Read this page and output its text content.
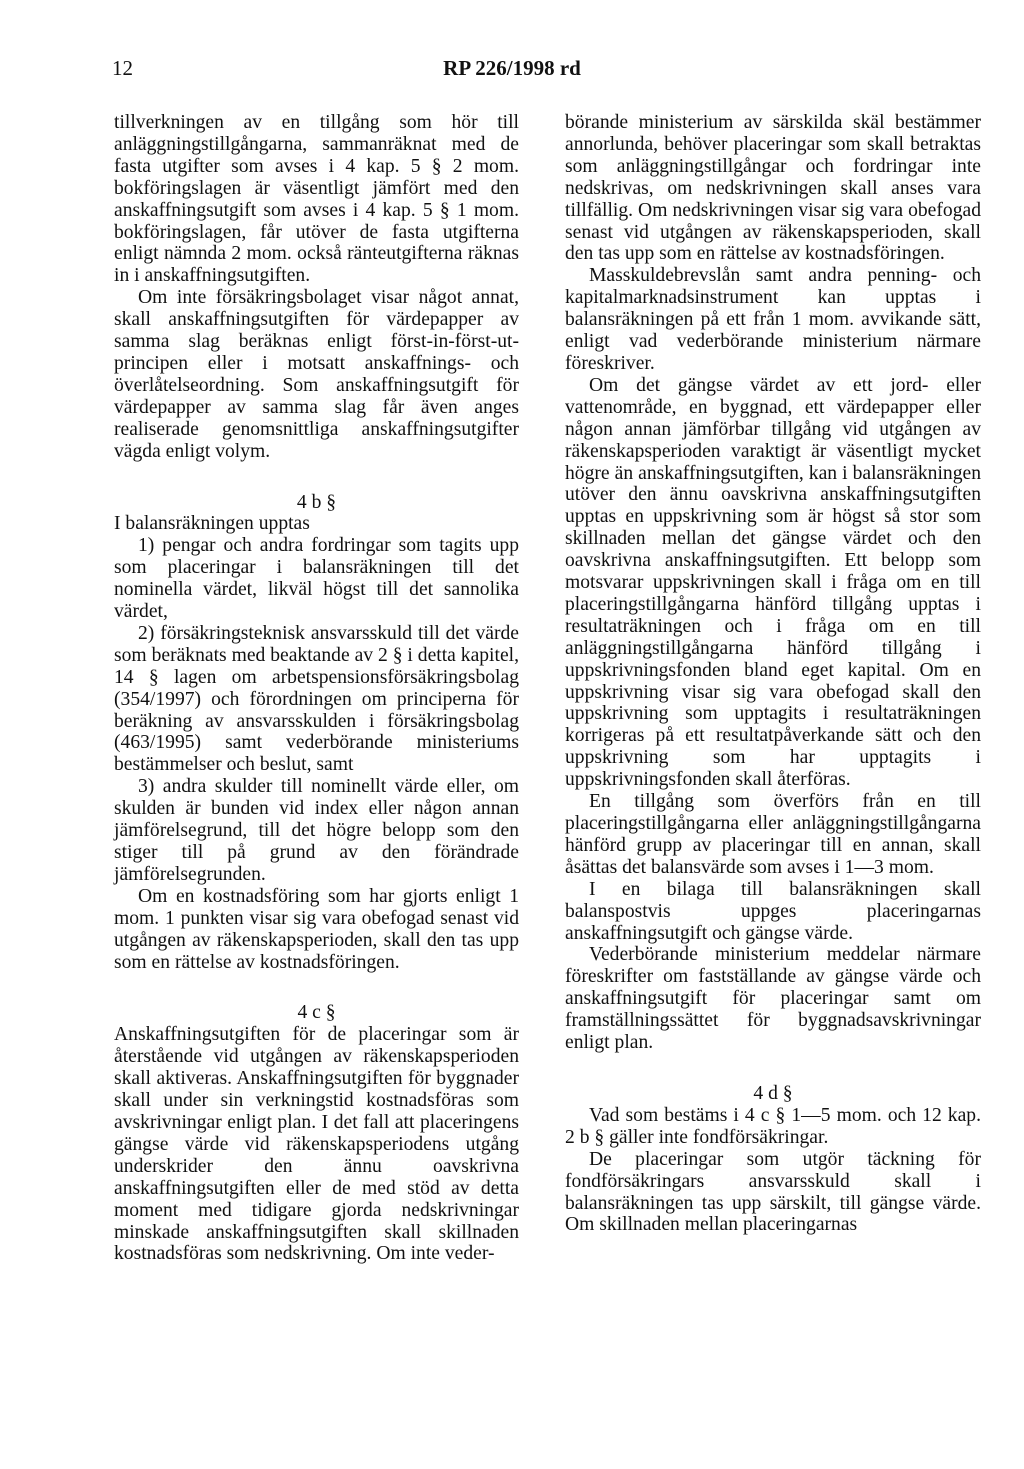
12	RP 226/1998 rd

tillverkningen av en tillgång som hör till anläggningstillgångarna, sammanräknat med de fasta utgifter som avses i 4 kap. 5 § 2 mom. bokföringslagen är väsentligt jämfört med den anskaffningsutgift som avses i 4 kap. 5 § 1 mom. bokföringslagen, får utöver de fasta utgifterna enligt nämnda 2 mom. också ränteutgifterna räknas in i anskaffningsutgiften.

Om inte försäkringsbolaget visar något annat, skall anskaffningsutgiften för värdepapper av samma slag beräknas enligt först-in-först-ut-principen eller i motsatt anskaffnings- och överlåtelseordning. Som anskaffningsutgift för värdepapper av samma slag får även anges realiserade genomsnittliga anskaffningsutgifter vägda enligt volym.

4 b §

I balansräkningen upptas

1) pengar och andra fordringar som tagits upp som placeringar i balansräkningen till det nominella värdet, likväl högst till det sannolika värdet,

2) försäkringsteknisk ansvarsskuld till det värde som beräknats med beaktande av 2 § i detta kapitel, 14 § lagen om arbetspensionsförsäkringsbolag (354/1997) och förordningen om principerna för beräkning av ansvarsskulden i försäkringsbolag (463/1995) samt vederbörande ministeriums bestämmelser och beslut, samt

3) andra skulder till nominellt värde eller, om skulden är bunden vid index eller någon annan jämförelsegrund, till det högre belopp som den stiger till på grund av den förändrade jämförelsegrunden.

Om en kostnadsföring som har gjorts enligt 1 mom. 1 punkten visar sig vara obefogad senast vid utgången av räkenskapsperioden, skall den tas upp som en rättelse av kostnadsföringen.

4 c §

Anskaffningsutgiften för de placeringar som är återstående vid utgången av räkenskapsperioden skall aktiveras. Anskaffningsutgiften för byggnader skall under sin verkningstid kostnadsföras som avskrivningar enligt plan. I det fall att placeringens gängse värde vid räkenskapsperiodens utgång underskrider den ännu oavskrivna anskaffningsutgiften eller de med stöd av detta moment med tidigare gjorda nedskrivningar minskade anskaffningsutgiften skall skillnaden kostnadsföras som nedskrivning. Om inte veder-

börande ministerium av särskilda skäl bestämmer annorlunda, behöver placeringar som skall betraktas som anläggningstillgångar och fordringar inte nedskrivas, om nedskrivningen skall anses vara tillfällig. Om nedskrivningen visar sig vara obefogad senast vid utgången av räkenskapsperioden, skall den tas upp som en rättelse av kostnadsföringen.

Masskuldebrevslån samt andra penning- och kapitalmarknadsinstrument kan upptas i balansräkningen på ett från 1 mom. avvikande sätt, enligt vad vederbörande ministerium närmare föreskriver.

Om det gängse värdet av ett jord- eller vattenområde, en byggnad, ett värdepapper eller någon annan jämförbar tillgång vid utgången av räkenskapsperioden varaktigt är väsentligt mycket högre än anskaffningsutgiften, kan i balansräkningen utöver den ännu oavskrivna anskaffningsutgiften upptas en uppskrivning som är högst så stor som skillnaden mellan det gängse värdet och den oavskrivna anskaffningsutgiften. Ett belopp som motsvarar uppskrivningen skall i fråga om en till placeringstillgångarna hänförd tillgång upptas i resultaträkningen och i fråga om en till anläggningstillgångarna hänförd tillgång i uppskrivningsfonden bland eget kapital. Om en uppskrivning visar sig vara obefogad skall den uppskrivning som upptagits i resultaträkningen korrigeras på ett resultatpåverkande sätt och den uppskrivning som har upptagits i uppskrivningsfonden skall återföras.

En tillgång som överförs från en till placeringstillgångarna eller anläggningstillgångarna hänförd grupp av placeringar till en annan, skall åsättas det balansvärde som avses i 1—3 mom.

I en bilaga till balansräkningen skall balanspostvis uppges placeringarnas anskaffningsutgift och gängse värde.

Vederbörande ministerium meddelar närmare föreskrifter om fastställande av gängse värde och anskaffningsutgift för placeringar samt om framställningssättet för byggnadsavskrivningar enligt plan.

4 d §

Vad som bestäms i 4 c § 1—5 mom. och 12 kap. 2 b § gäller inte fondförsäkringar.

De placeringar som utgör täckning för fondförsäkringars ansvarsskuld skall i balansräkningen tas upp särskilt, till gängse värde. Om skillnaden mellan placeringarnas
